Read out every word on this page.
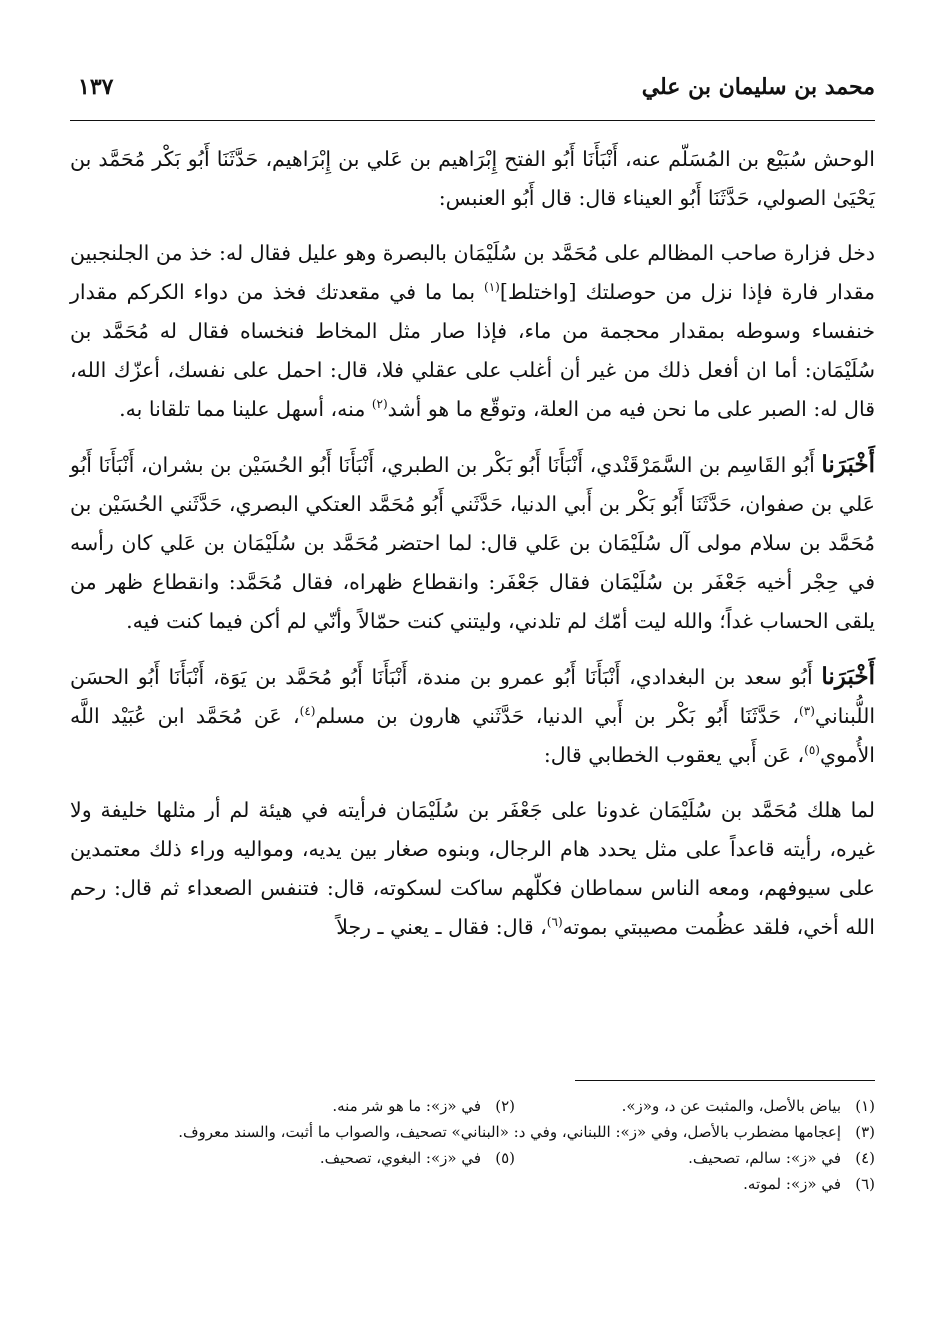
محمد بن سليمان بن علي
١٣٧

الوحش سُبَيْع بن المُسَلّم عنه، أَنْبَأَنَا أَبُو الفتح إِبْرَاهيم بن عَلي بن إِبْرَاهيم، حَدَّثَنَا أَبُو بَكْر مُحَمَّد بن يَحْيَىٰ الصولي، حَدَّثَنَا أَبُو العيناء قال: قال أَبُو العنبس:

دخل فزارة صاحب المظالم على مُحَمَّد بن سُلَيْمَان بالبصرة وهو عليل فقال له: خذ من الجلنجبين مقدار فارة فإذا نزل من حوصلتك [واختلط]$^{(١)}$ بما ما في مقعدتك فخذ من دواء الكركم مقدار خنفساء وسوطه بمقدار محجمة من ماء، فإذا صار مثل المخاط فنخساه فقال له مُحَمَّد بن سُلَيْمَان: أما ان أفعل ذلك من غير أن أغلب على عقلي فلا، قال: احمل على نفسك، أعزّك الله، قال له: الصبر على ما نحن فيه من العلة، وتوقّع ما هو أشد$^{(٢)}$ منه، أسهل علينا مما تلقانا به.

أَخْبَرَنا أَبُو القَاسِم بن السَّمَرْقَنْدي، أَنْبَأَنَا أَبُو بَكْر بن الطبري، أَنْبَأَنَا أَبُو الحُسَيْن بن بشران، أَنْبَأَنَا أَبُو عَلي بن صفوان، حَدَّثَنَا أَبُو بَكْر بن أَبي الدنيا، حَدَّثَني أَبُو مُحَمَّد العتكي البصري، حَدَّثَني الحُسَيْن بن مُحَمَّد بن سلام مولى آل سُلَيْمَان بن عَلي قال: لما احتضر مُحَمَّد بن سُلَيْمَان بن عَلي كان رأسه في حِجْر أخيه جَعْفَر بن سُلَيْمَان فقال جَعْفَر: وانقطاع ظهراه، فقال مُحَمَّد: وانقطاع ظهر من يلقى الحساب غداً؛ والله ليت أمّك لم تلدني، وليتني كنت حمّالاً وأنّي لم أكن فيما كنت فيه.

أَخْبَرَنا أَبُو سعد بن البغدادي، أَنْبَأَنَا أَبُو عمرو بن مندة، أَنْبَأَنَا أَبُو مُحَمَّد بن يَوَة، أَنْبَأَنَا أَبُو الحسَن اللُّبناني$^{(٣)}$، حَدَّثَنَا أَبُو بَكْر بن أَبي الدنيا، حَدَّثَني هارون بن مسلم$^{(٤)}$، عَن مُحَمَّد ابن عُبَيْد اللَّه الأُموي$^{(٥)}$، عَن أَبي يعقوب الخطابي قال:

لما هلك مُحَمَّد بن سُلَيْمَان غدونا على جَعْفَر بن سُلَيْمَان فرأيته في هيئة لم أر مثلها خليفة ولا غيره، رأيته قاعداً على مثل يحدد هام الرجال، وبنوه صغار بين يديه، ومواليه وراء ذلك معتمدين على سيوفهم، ومعه الناس سماطان فكلّهم ساكت لسكوته، قال: فتنفس الصعداء ثم قال: رحم الله أخي، فلقد عظُمت مصيبتي بموته$^{(٦)}$، قال: فقال ـ يعني ـ رجلاً

(١)
بياض بالأصل، والمثبت عن د، و«ز».
(٢)
في «ز»: ما هو شر منه.
(٣)
إعجامها مضطرب بالأصل، وفي «ز»: اللبناني، وفي د: «البناني» تصحيف، والصواب ما أثبت، والسند معروف.
(٤)
في «ز»: سالم، تصحيف.
(٥)
في «ز»: البغوي، تصحيف.
(٦)
في «ز»: لموته.
